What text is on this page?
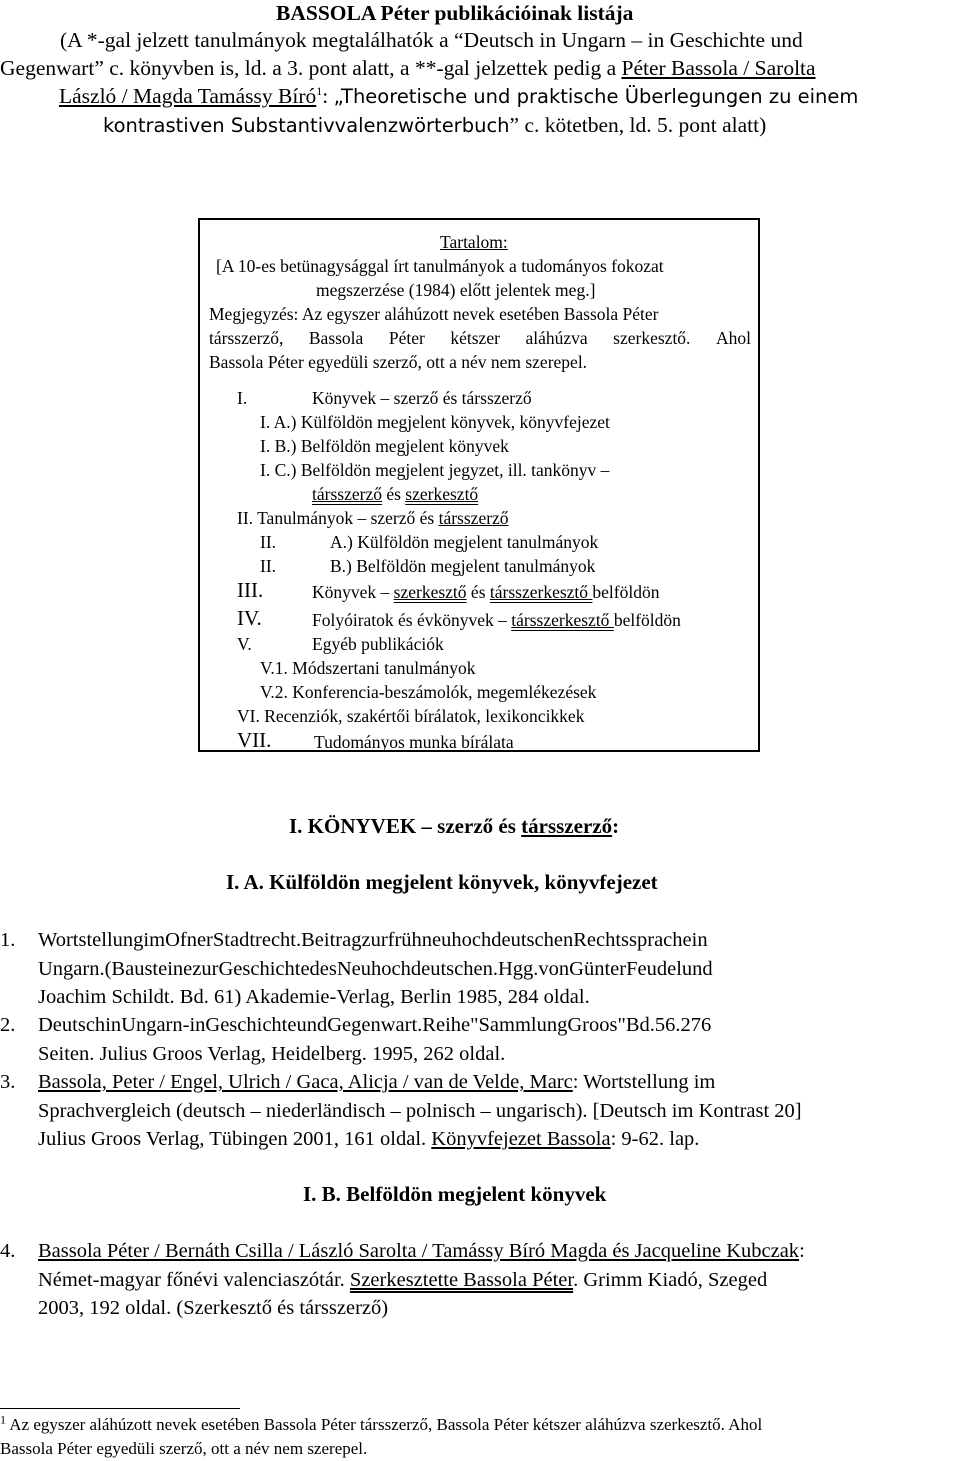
BASSOLA Péter publikációinak listája
(A *-gal jelzett tanulmányok megtalálhatók a “Deutsch in Ungarn – in Geschichte und
Gegenwart” c. könyvben is, ld. a 3. pont alatt, a **-gal jelzettek pedig a Péter Bassola / Sarolta
László / Magda Tamássy Bíró$^1$: „Theoretische und praktische Überlegungen zu einem
kontrastiven Substantivvalenzwörterbuch” c. kötetben, ld. 5. pont alatt)
Tartalom:
[A 10-es betünagysággal írt tanulmányok a tudományos fokozat
megszerzése (1984) előtt jelentek meg.]
Megjegyzés: Az egyszer aláhúzott nevek esetében Bassola Péter
társszerző, Bassola Péter kétszer aláhúzva szerkesztő. Ahol
Bassola Péter egyedüli szerző, ott a név nem szerepel.
I.	Könyvek – szerző és társszerző
I. A.) Külföldön megjelent könyvek, könyvfejezet
I. B.) Belföldön megjelent könyvek
I. C.) Belföldön megjelent jegyzet, ill. tankönyv –
társszerző és szerkesztő
II. Tanulmányok – szerző és társszerző
II.	A.) Külföldön megjelent tanulmányok
II.	B.) Belföldön megjelent tanulmányok
III.	Könyvek – szerkesztő és társszerkesztő belföldön
IV.	Folyóiratok és évkönyvek – társszerkesztő belföldön
V.	Egyéb publikációk
V.1. Módszertani tanulmányok
V.2. Konferencia-beszámolók, megemlékezések
VI. Recenziók, szakértői bírálatok, lexikoncikkek
VII. Tudományos munka bírálata
I. KÖNYVEK – szerző és társszerző:
I. A. Külföldön megjelent könyvek, könyvfejezet
1. WortstellungimOfnerStadtrecht.BeitragzurfrühneuhochdeutschenRechtssprachein
Ungarn.(BausteinezurGeschichtedesNeuhochdeutschen.Hgg.vonGünterFeudelund
Joachim Schildt. Bd. 61) Akademie-Verlag, Berlin 1985, 284 oldal.
2. DeutschinUngarn-inGeschichteundGegenwart.Reihe"SammlungGroos"Bd.56.276
Seiten. Julius Groos Verlag, Heidelberg. 1995, 262 oldal.
3. Bassola, Peter / Engel, Ulrich / Gaca, Alicja / van de Velde, Marc: Wortstellung im
Sprachvergleich (deutsch – niederländisch – polnisch – ungarisch). [Deutsch im Kontrast 20]
Julius Groos Verlag, Tübingen 2001, 161 oldal. Könyvfejezet Bassola: 9-62. lap.
I. B. Belföldön megjelent könyvek
4. Bassola Péter / Bernáth Csilla / László Sarolta / Tamássy Bíró Magda és Jacqueline Kubczak:
Német-magyar főnévi valenciaszótár. Szerkesztette Bassola Péter. Grimm Kiadó, Szeged
2003, 192 oldal. (Szerkesztő és társszerző)
$^1$ Az egyszer aláhúzott nevek esetében Bassola Péter társszerző, Bassola Péter kétszer aláhúzva szerkesztő. Ahol
Bassola Péter egyedüli szerző, ott a név nem szerepel.
